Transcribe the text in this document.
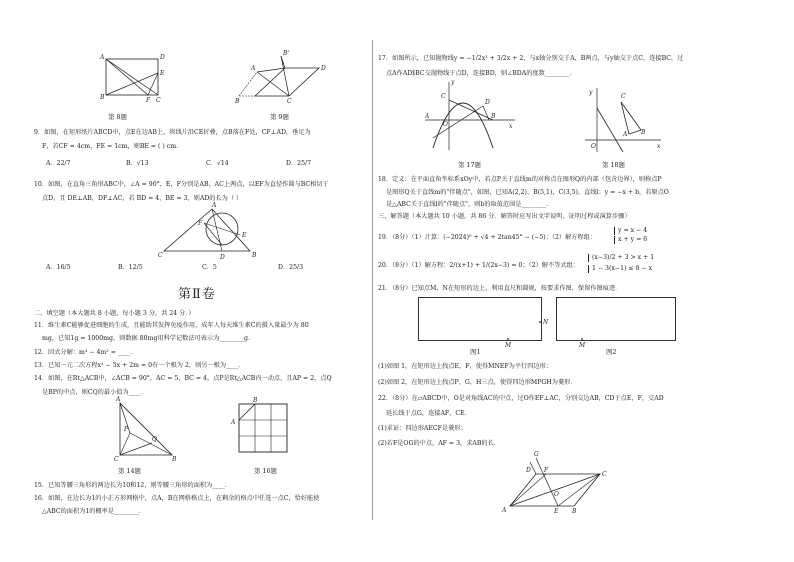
A	D
E
B	F C
第 8题
A
B'
D
C
B
第 9题
9．如图，在矩形纸片ABCD中，点E在边AB上，将线片沿CE折叠，点B落在F处，CF⊥AD，垂足为
F，若CF = 4cm，FE = 1cm，则BE = ( ) cm．
A．22/7	B．√13	C．√14	D．25/7
10．如图，在直角三角形ABC中，∠A = 90°，E，F分别是AB，AC上两点，以EF为直径作圆与BC相切于
点D，且 DE⊥AB，DF⊥AC，若 BD = 4，BE = 3，则AD的长为（ ）
A
C	B
D
F
E
A．16/5	B．12/5	C．5	D．25/3
第Ⅱ卷
二、填空题（本大题共 8 小题，每小题 3 分，共 24 分．）
11．维生素C能够促进细胞的生成，且能助其发挥免疫作用，成年人每天维生素C的摄入量最少为 80
mg，已知1g = 1000mg，则数据 80mg用科学记数法可表示为________g．
12．因式分解：m³ − 4m² = ____．
13．已知一元二次方程x² − 5x + 2m = 0有一个根为 2，则另一根为____．
14．如图，在Rt△ACB中，∠ACB = 90°，AC = 5，BC = 4，点P是Rt△ACB内一动点，且AP = 2，点Q
是BP的中点，则CQ的最小值为____．
A
P
Q
C	B
第 14题
A
B
第 16题
15．已知等腰三角形的两边长为10和12，则等腰三角形的面积为____．
16．如图，在边长为1的小正方形网格中，点A，B在网格格点上，在剩余的格点中任选一点C，恰好能使
△ABC的面积为1的概率是________．
17．如图所示，已知抛物线y = −1/2x² + 3/2x + 2，与x轴分别交于A，B两点，与y轴交于点C，连接BC，过
点A作AD∥BC交抛物线于点D，连接BD，则∠BDA的度数________．
C
A
O
D
B
x
y
第 17题
C
A B
O	x
y
第 18题
18．定义：在平面直角坐标系xOy中，若点P关于直线m的对称点在图形Q的内部（包含边界），则称点P
是图形Q关于直线m的"伴随点"，如图，已知A(2,2)，B(5,1)，C(3,5)，直线l：y = −x + b，若原点O
是△ABC关于直线l的"伴随点"，则b的取值范围是________．
三、解答题（本大题共 10 小题，共 86 分．解答时应写出文字说明、证明过程或演算步骤）
19．（8分）（1）计算：(−2024)⁰ + √4 + 2tan45° − (−5)；（2）解方程组：
y = x − 4
x + y = 6
20．（8分）（1）解方程：2/(x+1) + 1/(2x−3) = 0；（2）解不等式组：
(x−3)/2 + 3 > x + 1
1 − 3(x−1) ≤ 8 − x
21．（8分）已知点M，N在矩形的边上，利用直尺和圆规，按要求作图，保留作图痕迹．
N
M
图1
M
图2
(1)如图 1，在矩形边上找点E，F，使得MNEF为平行四边形；
(2)如图 2，在矩形边上找点P，G，H三点，使得四边形MPGH为菱形．
22．（8分）在▱ABCD中，O是对角线AC的中点，过O作EF⊥AC，分别交边AB，CD于点E，F，交AD
延长线于点G，连接AF，CE．
(1)求证：四边形AECF是菱形；
(2)若F是OG的中点，AF = 3，求AB的长．
G
D F
C
O
A	E B
